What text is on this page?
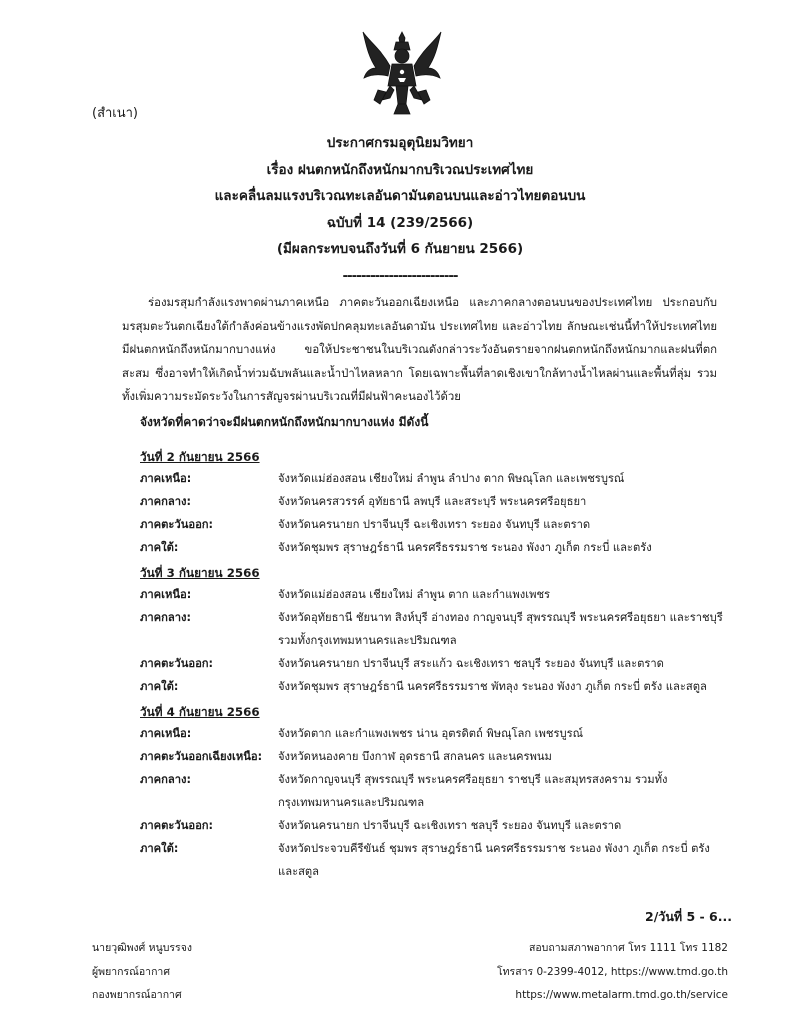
(สำเนา)
ประกาศกรมอุตุนิยมวิทยา
เรื่อง ฝนตกหนักถึงหนักมากบริเวณประเทศไทย
และคลื่นลมแรงบริเวณทะเลอันดามันตอนบนและอ่าวไทยตอนบน
ฉบับที่ 14 (239/2566)
(มีผลกระทบจนถึงวันที่ 6 กันยายน 2566)
-------------------------

ร่องมรสุมกำลังแรงพาดผ่านภาคเหนือ ภาคตะวันออกเฉียงเหนือ และภาคกลางตอนบนของประเทศไทย ประกอบกับมรสุมตะวันตกเฉียงใต้กำลังค่อนข้างแรงพัดปกคลุมทะเลอันดามัน ประเทศไทย และอ่าวไทย ลักษณะเช่นนี้ทำให้ประเทศไทยมีฝนตกหนักถึงหนักมากบางแห่ง ขอให้ประชาชนในบริเวณดังกล่าวระวังอันตรายจากฝนตกหนักถึงหนักมากและฝนที่ตกสะสม ซึ่งอาจทำให้เกิดน้ำท่วมฉับพลันและน้ำป่าไหลหลาก โดยเฉพาะพื้นที่ลาดเชิงเขาใกล้ทางน้ำไหลผ่านและพื้นที่ลุ่ม รวมทั้งเพิ่มความระมัดระวังในการสัญจรผ่านบริเวณที่มีฝนฟ้าคะนองไว้ด้วย

จังหวัดที่คาดว่าจะมีฝนตกหนักถึงหนักมากบางแห่ง มีดังนี้
วันที่ 2 กันยายน 2566
ภาคเหนือ:	จังหวัดแม่ฮ่องสอน เชียงใหม่ ลำพูน ลำปาง ตาก พิษณุโลก และเพชรบูรณ์
ภาคกลาง:	จังหวัดนครสวรรค์ อุทัยธานี ลพบุรี และสระบุรี พระนครศรีอยุธยา
ภาคตะวันออก:	จังหวัดนครนายก ปราจีนบุรี ฉะเชิงเทรา ระยอง จันทบุรี และตราด
ภาคใต้:	จังหวัดชุมพร สุราษฎร์ธานี นครศรีธรรมราช ระนอง พังงา ภูเก็ต กระบี่ และตรัง
วันที่ 3 กันยายน 2566
ภาคเหนือ:	จังหวัดแม่ฮ่องสอน เชียงใหม่ ลำพูน ตาก และกำแพงเพชร
ภาคกลาง:	จังหวัดอุทัยธานี ชัยนาท สิงห์บุรี อ่างทอง กาญจนบุรี สุพรรณบุรี พระนครศรีอยุธยา และราชบุรี รวมทั้งกรุงเทพมหานครและปริมณฑล
ภาคตะวันออก:	จังหวัดนครนายก ปราจีนบุรี สระแก้ว ฉะเชิงเทรา ชลบุรี ระยอง จันทบุรี และตราด
ภาคใต้:	จังหวัดชุมพร สุราษฎร์ธานี นครศรีธรรมราช พัทลุง ระนอง พังงา ภูเก็ต กระบี่ ตรัง และสตูล
วันที่ 4 กันยายน 2566
ภาคเหนือ:	จังหวัดตาก และกำแพงเพชร น่าน อุตรดิตถ์ พิษณุโลก เพชรบูรณ์
ภาคตะวันออกเฉียงเหนือ:	จังหวัดหนองคาย บึงกาฬ อุดรธานี สกลนคร และนครพนม
ภาคกลาง:	จังหวัดกาญจนบุรี สุพรรณบุรี พระนครศรีอยุธยา ราชบุรี และสมุทรสงคราม รวมทั้งกรุงเทพมหานครและปริมณฑล
ภาคตะวันออก:	จังหวัดนครนายก ปราจีนบุรี ฉะเชิงเทรา ชลบุรี ระยอง จันทบุรี และตราด
ภาคใต้:	จังหวัดประจวบคีรีขันธ์ ชุมพร สุราษฎร์ธานี นครศรีธรรมราช ระนอง พังงา ภูเก็ต กระบี่ ตรัง และสตูล
2/วันที่ 5 - 6...
นายวุฒิพงศ์ หนูบรรจง
ผู้พยากรณ์อากาศ
กองพยากรณ์อากาศ
สอบถามสภาพอากาศ โทร 1111 โทร 1182
โทรสาร 0-2399-4012, https://www.tmd.go.th
https://www.metalarm.tmd.go.th/service
